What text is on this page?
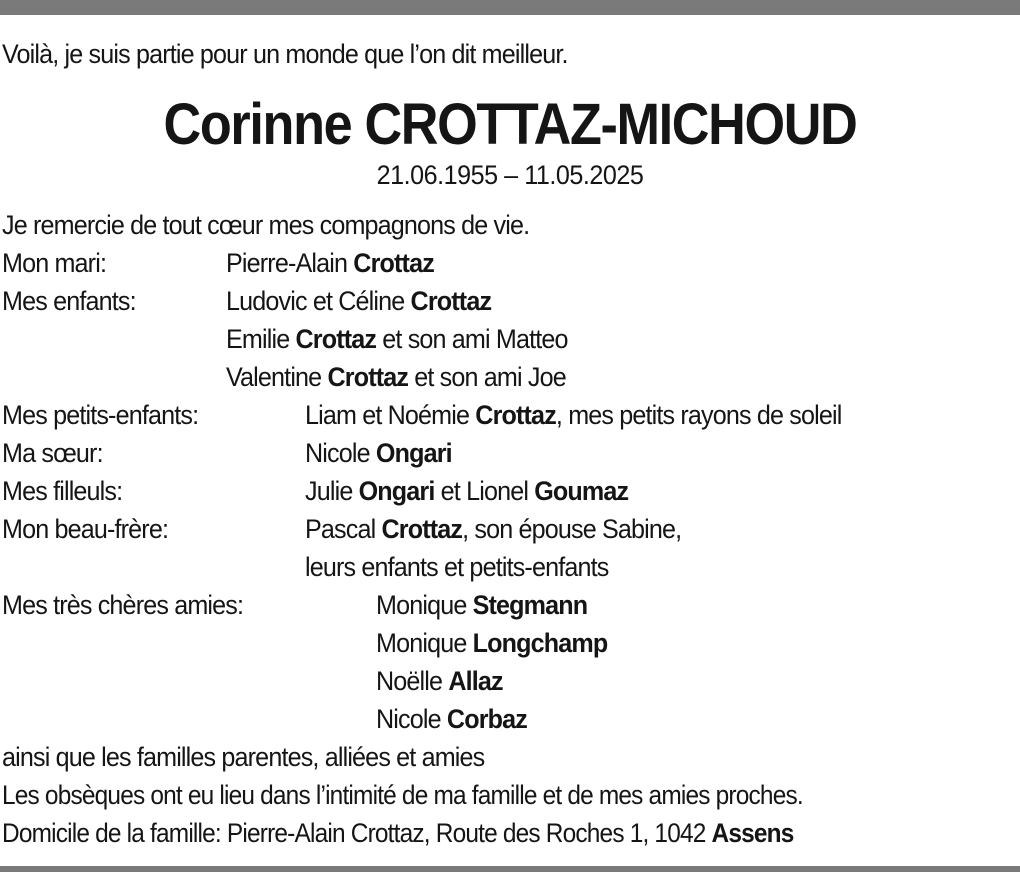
Voilà, je suis partie pour un monde que l’on dit meilleur.
Corinne CROTTAZ-MICHOUD
21.06.1955 – 11.05.2025
Je remercie de tout cœur mes compagnons de vie.
Mon mari:	Pierre-Alain Crottaz
Mes enfants:	Ludovic et Céline Crottaz
Emilie Crottaz et son ami Matteo
Valentine Crottaz et son ami Joe
Mes petits-enfants:	Liam et Noémie Crottaz, mes petits rayons de soleil
Ma sœur:	Nicole Ongari
Mes filleuls:	Julie Ongari et Lionel Goumaz
Mon beau-frère:	Pascal Crottaz, son épouse Sabine,
leurs enfants et petits-enfants
Mes très chères amies:	Monique Stegmann
Monique Longchamp
Noëlle Allaz
Nicole Corbaz
ainsi que les familles parentes, alliées et amies
Les obsèques ont eu lieu dans l’intimité de ma famille et de mes amies proches.
Domicile de la famille: Pierre-Alain Crottaz, Route des Roches 1, 1042 Assens
